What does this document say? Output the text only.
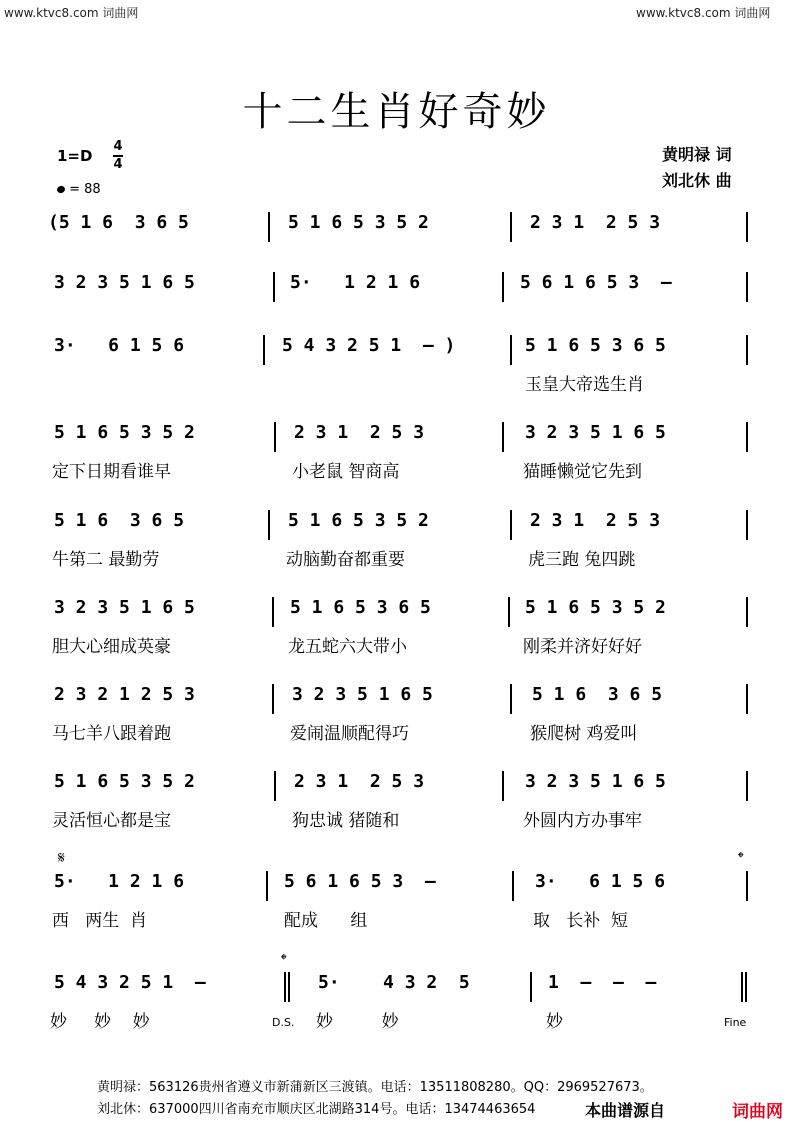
www.ktvc8.com 词曲网	www.ktvc8.com 词曲网
十二生肖好奇妙
1=D
4
4
= 88
黄明禄 词
刘北休 曲
(5 1 6  3 6 5	5 1 6 5 3 5 2	2 3 1  2 5 3
3 2 3 5 1 6 5	5·   1 2 1 6	5 6 1 6 5 3  –
3·   6 1 5 6	5 4 3 2 5 1  – )	5 1 6 5 3 6 5
玉皇大帝选生肖
5 1 6 5 3 5 2	2 3 1  2 5 3	3 2 3 5 1 6 5
定下日期看谁早	小老鼠 智商高	猫睡懒觉它先到
5 1 6  3 6 5	5 1 6 5 3 5 2	2 3 1  2 5 3
牛第二 最勤劳	动脑勤奋都重要	虎三跑 兔四跳
3 2 3 5 1 6 5	5 1 6 5 3 6 5	5 1 6 5 3 5 2
胆大心细成英豪	龙五蛇六大带小	刚柔并济好好好
2 3 2 1 2 5 3	3 2 3 5 1 6 5	5 1 6  3 6 5
马七羊八跟着跑	爱闹温顺配得巧	猴爬树 鸡爱叫
5 1 6 5 3 5 2	2 3 1  2 5 3	3 2 3 5 1 6 5
灵活恒心都是宝	狗忠诚 猪随和	外圆内方办事牢
𝄋	𝄌
5·   1 2 1 6	5 6 1 6 5 3  –	3·   6 1 5 6
西   两生  肖	配成      组	取   长补  短
𝄌
5 4 3 2 5 1  –	5·    4 3 2  5	1  –  –  –
妙     妙    妙	D.S. 妙         妙	妙	Fine
黄明禄：563126贵州省遵义市新蒲新区三渡镇。电话：13511808280。QQ：2969527673。
刘北休：637000四川省南充市顺庆区北湖路314号。电话：13474463654	本曲谱源自	词曲网
